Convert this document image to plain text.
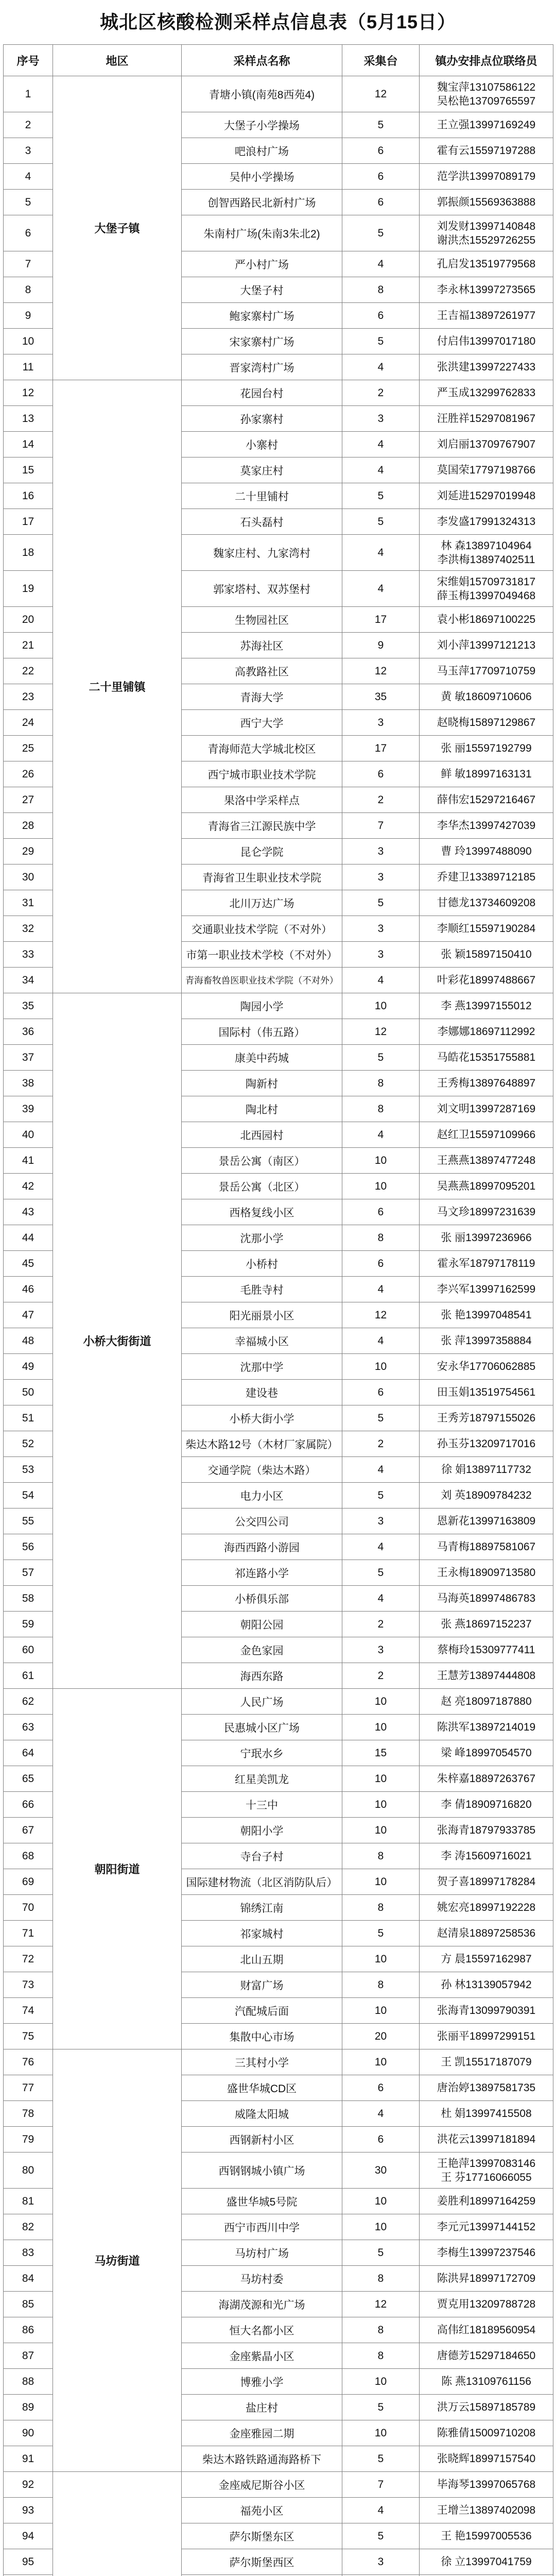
城北区核酸检测采样点信息表（5月15日）
序号	地区	采样点名称	采集台	镇办安排点位联络员
1	大堡子镇	青塘小镇(南苑8西苑4)	12	魏宝萍13107586122
吴松艳13709765597

2		大堡子小学操场	5	王立强13997169249

3		吧浪村广场	6	霍有云15597197288

4		吴仲小学操场	6	范学洪13997089179

5		创智西路民北新村广场	6	郭振颜15569363888

6		朱南村广场(朱南3朱北2)	5	刘发财13997140848
谢洪杰15529726255

7		严小村广场	4	孔启发13519779568

8		大堡子村	8	李永林13997273565

9		鲍家寨村广场	6	王吉福13897261977

10		宋家寨村广场	5	付启伟13997017180

11		晋家湾村广场	4	张洪建13997227433

12	二十里铺镇	花园台村	2	严玉成13299762833

13		孙家寨村	3	汪胜祥15297081967

14		小寨村	4	刘启丽13709767907

15		莫家庄村	4	莫国荣17797198766

16		二十里铺村	5	刘延进15297019948

17		石头磊村	5	李发盛17991324313

18		魏家庄村、九家湾村	4	林 森13897104964
李洪梅13897402511

19		郭家塔村、双苏堡村	4	宋维娟15709731817
薛玉梅13997049468

20		生物园社区	17	袁小彬18697100225

21		苏海社区	9	刘小萍13997121213

22		高教路社区	12	马玉萍17709710759

23		青海大学	35	黄 敏18609710606

24		西宁大学	3	赵晓梅15897129867

25		青海师范大学城北校区	17	张 丽15597192799

26		西宁城市职业技术学院	6	鲜 敏18997163131

27		果洛中学采样点	2	薛伟宏15297216467

28		青海省三江源民族中学	7	李华杰13997427039

29		昆仑学院	3	曹 玲13997488090

30		青海省卫生职业技术学院	3	乔建卫13389712185

31		北川万达广场	5	甘德龙13734609208

32		交通职业技术学院（不对外）	3	李顺红15597190284

33		市第一职业技术学校（不对外）	3	张 颖15897150410

34		青海畜牧兽医职业技术学院（不对外）	4	叶彩花18997488667

35	小桥大街街道	陶园小学	10	李 燕13997155012

36		国际村（伟五路）	12	李娜娜18697112992

37		康美中药城	5	马皓花15351755881

38		陶新村	8	王秀梅13897648897

39		陶北村	8	刘文明13997287169

40		北西园村	4	赵红卫15597109966

41		景岳公寓（南区）	10	王燕燕13897477248

42		景岳公寓（北区）	10	吴燕燕18997095201

43		西格复线小区	6	马文珍18997231639

44		沈那小学	8	张 丽13997236966

45		小桥村	6	霍永军18797178119

46		毛胜寺村	4	李兴军13997162599

47		阳光丽景小区	12	张 艳13997048541

48		幸福城小区	4	张 萍13997358884

49		沈那中学	10	安永华17706062885

50		建设巷	6	田玉娟13519754561

51		小桥大街小学	5	王秀芳18797155026

52		柴达木路12号（木材厂家属院）	2	孙玉芬13209717016

53		交通学院（柴达木路）	4	徐 娟13897117732

54		电力小区	5	刘 英18909784232

55		公交四公司	3	恩新花13997163809

56		海西西路小游园	4	马青梅18897581067

57		祁连路小学	5	王永梅18909713580

58		小桥俱乐部	4	马海英18997486783

59		朝阳公园	2	张 燕18697152237

60		金色家园	3	蔡梅玲15309777411

61		海西东路	2	王慧芳13897444808

62	朝阳街道	人民广场	10	赵 亮18097187880

63		民惠城小区广场	10	陈洪军13897214019

64		宁珉水乡	15	梁 峰18997054570

65		红星美凯龙	10	朱梓嘉18897263767

66		十三中	10	李 倩18909716820

67		朝阳小学	10	张海青18797933785

68		寺台子村	8	李 涛15609716021

69		国际建材物流（北区消防队后）	10	贺子喜18997178284

70		锦绣江南	8	姚宏亮18997192228

71		祁家城村	5	赵清泉18897258536

72		北山五期	10	方 晨15597162987

73		财富广场	8	孙 林13139057942

74		汽配城后面	10	张海青13099790391

75		集散中心市场	20	张丽平18997299151

76	马坊街道	三其村小学	10	王 凯15517187079

77		盛世华城CD区	6	唐治婷13897581735

78		威隆太阳城	4	杜 娟13997415508

79		西钢新村小区	6	洪花云13997181894

80		西钢钢城小镇广场	30	王艳萍13997083146
王 芬17716066055

81		盛世华城5号院	10	姜胜利18997164259

82		西宁市西川中学	10	李元元13997144152

83		马坊村广场	5	李梅生13997237546

84		马坊村委	8	陈洪昇18997172709

85		海湖茂源和光广场	12	贾克用13209788728

86		恒大名都小区	8	高伟红18189560954

87		金座紫晶小区	8	唐德芳15297184650

88		博雅小学	10	陈 燕13109761156

89		盐庄村	5	洪万云15897185789

90		金座雅园二期	10	陈雅倩15009710208

91		柴达木路铁路通海路桥下	5	张晓辉18997157540

92		金座威尼斯谷小区	7	毕海琴13997065768

93		福苑小区	4	王增兰13897402098

94		萨尔斯堡东区	5	王 艳15997005536

95		萨尔斯堡西区	3	徐 立13997041759
